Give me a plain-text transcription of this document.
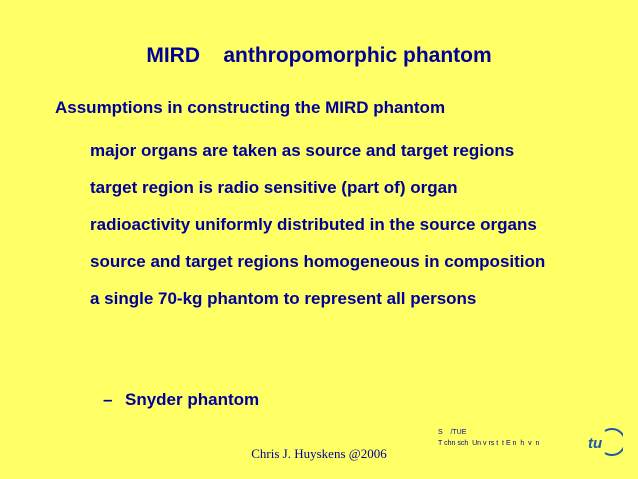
MIRD    anthropomorphic phantom
Assumptions in constructing the MIRD phantom
major organs are taken as source and target regions
target region is radio sensitive (part of) organ
radioactivity uniformly distributed in the source organs
source and target regions homogeneous in composition
a single 70-kg phantom to represent all persons
– Snyder phantom
S    /TUE
T chn sch  Un v rs t  t E n  h  v  n	tu
Chris J. Huyskens @2006
